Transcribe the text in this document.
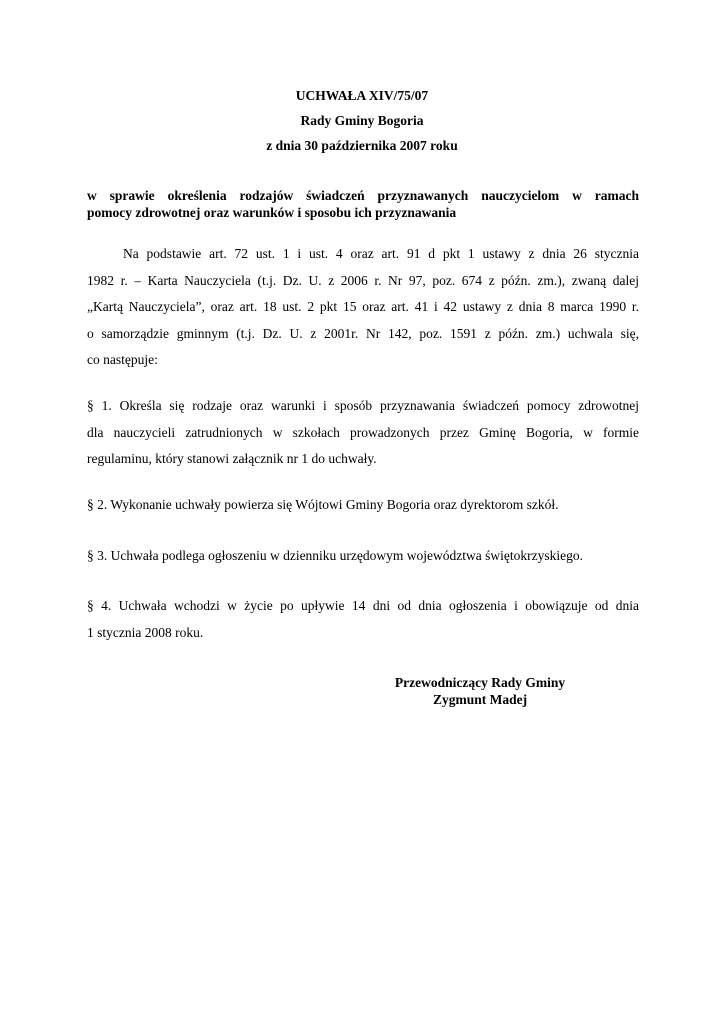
UCHWAŁA XIV/75/07
Rady Gminy Bogoria
z dnia 30 października 2007 roku
w sprawie określenia rodzajów świadczeń przyznawanych nauczycielom w ramach
pomocy zdrowotnej oraz warunków i sposobu ich przyznawania
Na podstawie art. 72 ust. 1 i ust. 4 oraz art. 91 d pkt 1 ustawy z dnia 26 stycznia
1982 r. – Karta Nauczyciela (t.j. Dz. U. z 2006 r. Nr 97, poz. 674 z późn. zm.), zwaną dalej
„Kartą Nauczyciela”, oraz art. 18 ust. 2 pkt 15 oraz art. 41 i 42 ustawy z dnia 8 marca 1990 r.
o samorządzie gminnym (t.j. Dz. U. z 2001r. Nr 142, poz. 1591 z późn. zm.) uchwala się,
co następuje:
§ 1. Określa się rodzaje oraz warunki i sposób przyznawania świadczeń pomocy zdrowotnej
dla nauczycieli zatrudnionych w szkołach prowadzonych przez Gminę Bogoria, w formie
regulaminu, który stanowi załącznik nr 1 do uchwały.
§ 2. Wykonanie uchwały powierza się Wójtowi Gminy Bogoria oraz dyrektorom szkół.
§ 3. Uchwała podlega ogłoszeniu w dzienniku urzędowym województwa świętokrzyskiego.
§ 4. Uchwała wchodzi w życie po upływie 14 dni od dnia ogłoszenia i obowiązuje od dnia
1 stycznia 2008 roku.
Przewodniczący Rady Gminy
Zygmunt Madej
